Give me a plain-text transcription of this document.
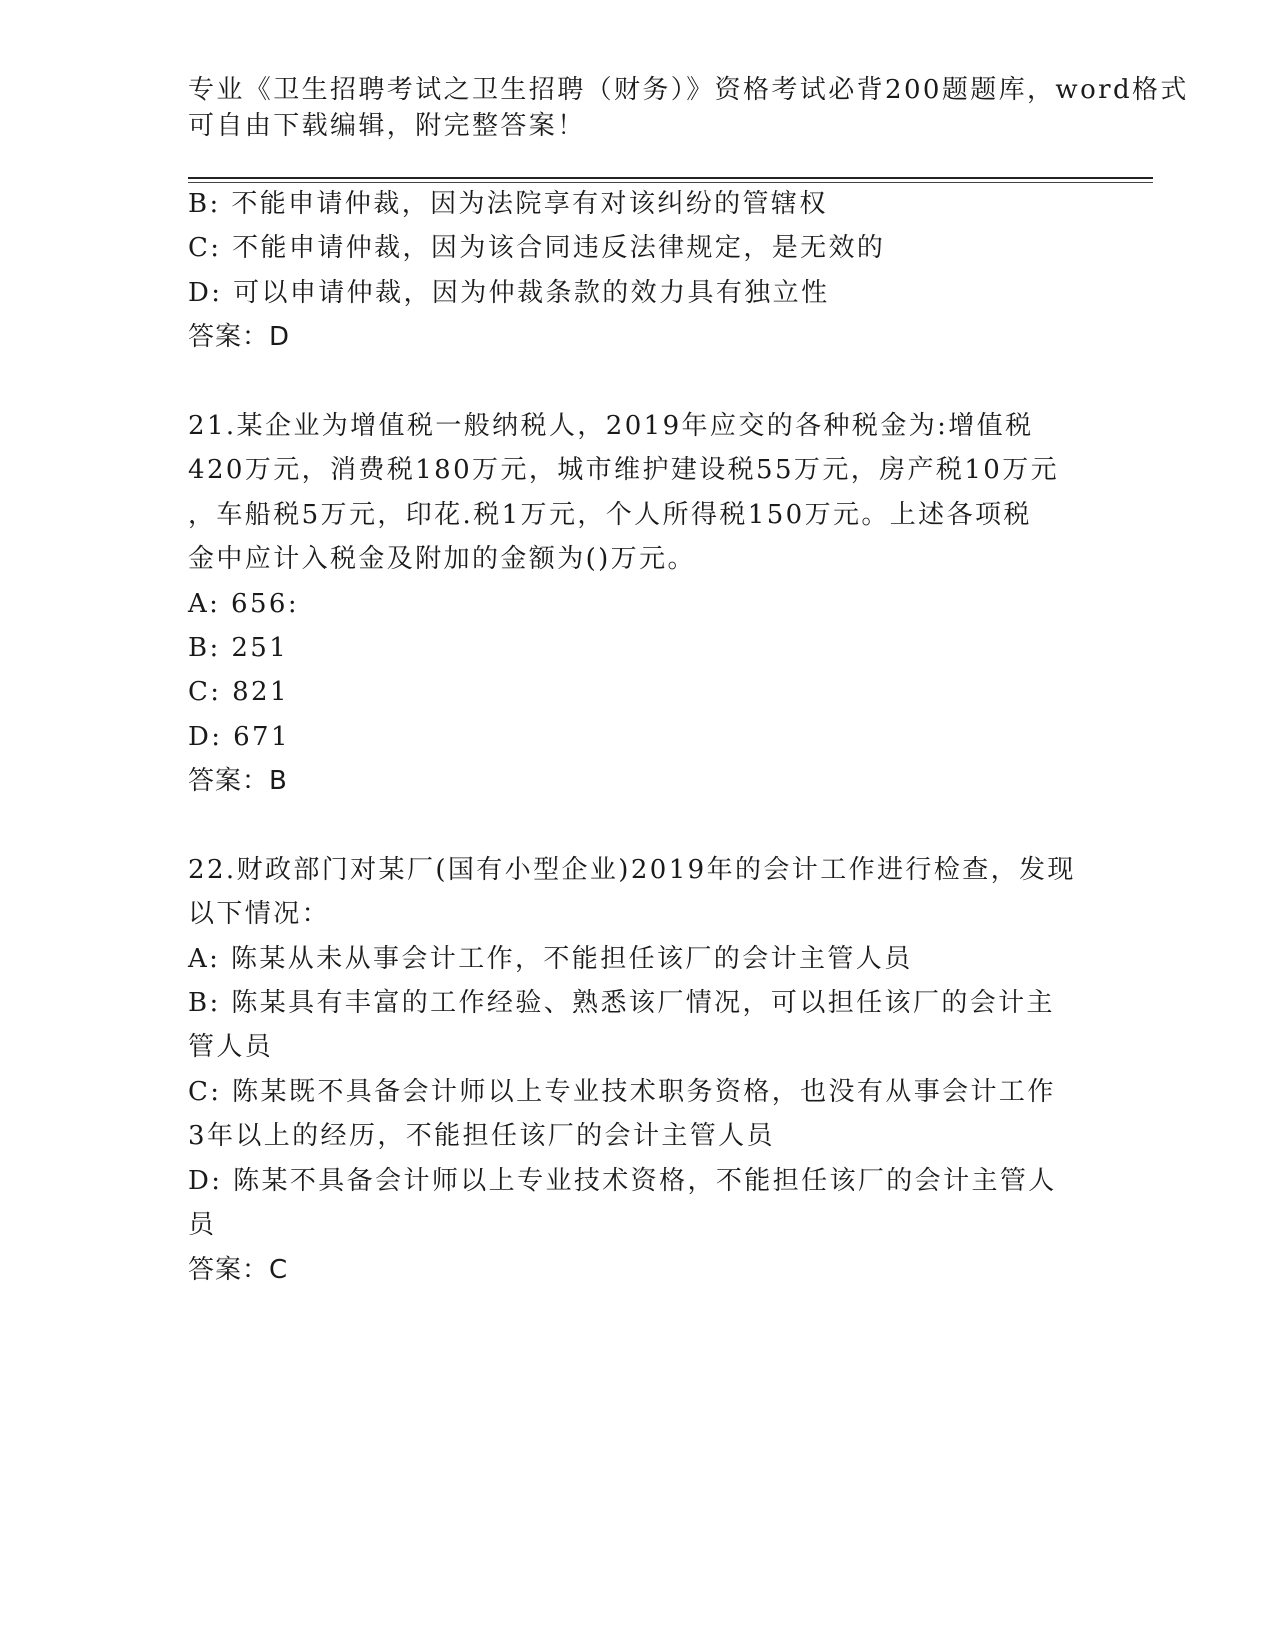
专业《卫生招聘考试之卫生招聘（财务）》资格考试必背200题题库，word格式
可自由下载编辑，附完整答案！
B: 不能申请仲裁，因为法院享有对该纠纷的管辖权
C: 不能申请仲裁，因为该合同违反法律规定，是无效的
D: 可以申请仲裁，因为仲裁条款的效力具有独立性
答案：D
21.某企业为增值税一般纳税人，2019年应交的各种税金为:增值税
420万元，消费税180万元，城市维护建设税55万元，房产税10万元
，车船税5万元，印花.税1万元，个人所得税150万元。上述各项税
金中应计入税金及附加的金额为()万元。
A: 656:
B: 251
C: 821
D: 671
答案：B
22.财政部门对某厂(国有小型企业)2019年的会计工作进行检查，发现
以下情况：
A: 陈某从未从事会计工作，不能担任该厂的会计主管人员
B: 陈某具有丰富的工作经验、熟悉该厂情况，可以担任该厂的会计主
管人员
C: 陈某既不具备会计师以上专业技术职务资格，也没有从事会计工作
3年以上的经历，不能担任该厂的会计主管人员
D: 陈某不具备会计师以上专业技术资格，不能担任该厂的会计主管人
员
答案：C
